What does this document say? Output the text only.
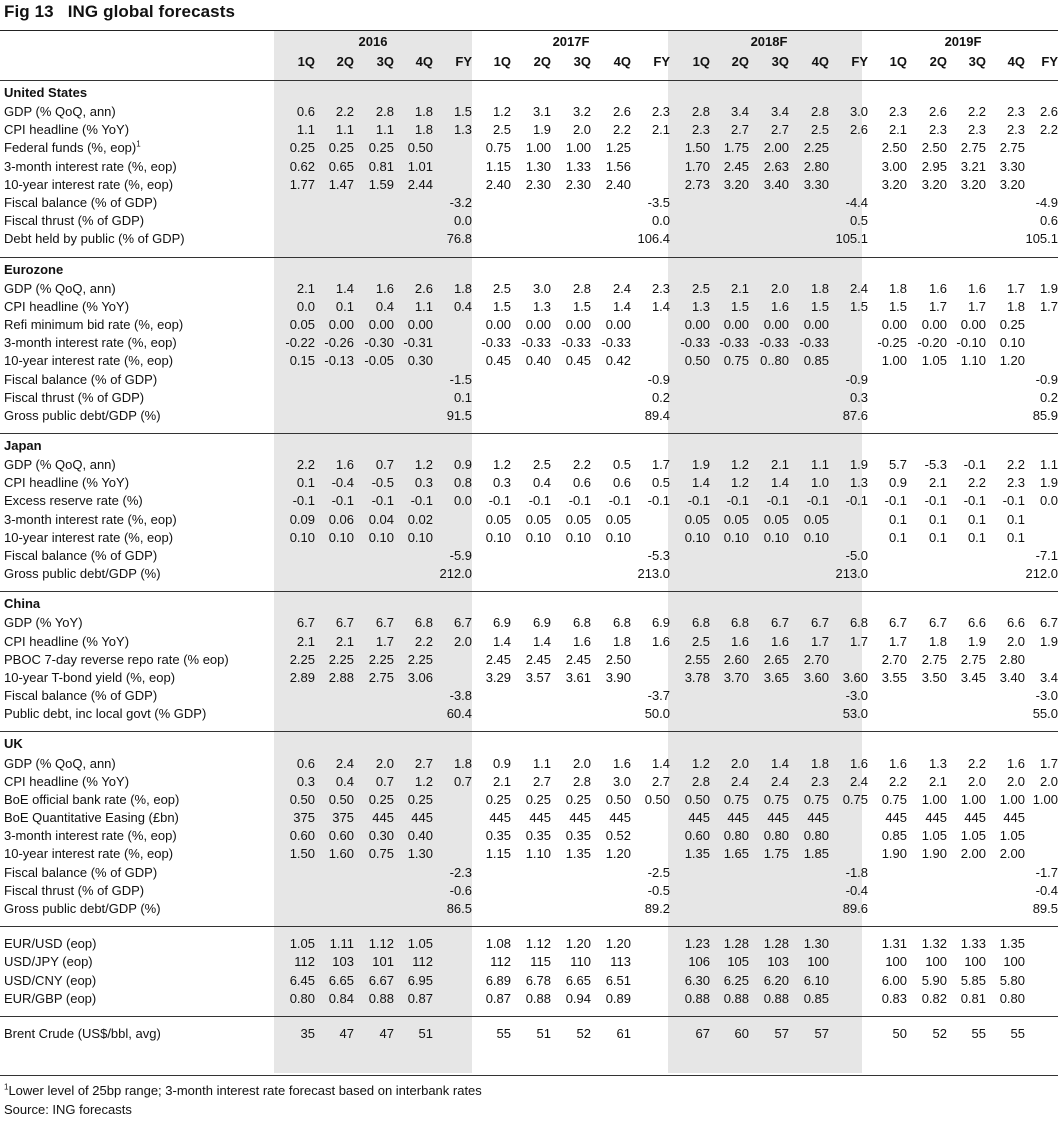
Fig 13 ING global forecasts
	2016					2017F					2018F					2019F				
	1Q	2Q	3Q	4Q	FY	1Q	2Q	3Q	4Q	FY	1Q	2Q	3Q	4Q	FY	1Q	2Q	3Q	4Q	FY

United States																				
GDP (% QoQ, ann)	0.6	2.2	2.8	1.8	1.5	1.2	3.1	3.2	2.6	2.3	2.8	3.4	3.4	2.8	3.0	2.3	2.6	2.2	2.3	2.6
CPI headline (% YoY)	1.1	1.1	1.1	1.8	1.3	2.5	1.9	2.0	2.2	2.1	2.3	2.7	2.7	2.5	2.6	2.1	2.3	2.3	2.3	2.2
Federal funds (%, eop)$^1$	0.25	0.25	0.25	0.50		0.75	1.00	1.00	1.25		1.50	1.75	2.00	2.25		2.50	2.50	2.75	2.75	
3-month interest rate (%, eop)	0.62	0.65	0.81	1.01		1.15	1.30	1.33	1.56		1.70	2.45	2.63	2.80		3.00	2.95	3.21	3.30	
10-year interest rate (%, eop)	1.77	1.47	1.59	2.44		2.40	2.30	2.30	2.40		2.73	3.20	3.40	3.30		3.20	3.20	3.20	3.20	
Fiscal balance (% of GDP)					-3.2					-3.5					-4.4					-4.9
Fiscal thrust (% of GDP)					0.0					0.0					0.5					0.6
Debt held by public (% of GDP)					76.8					106.4					105.1					105.1

Eurozone																				
GDP (% QoQ, ann)	2.1	1.4	1.6	2.6	1.8	2.5	3.0	2.8	2.4	2.3	2.5	2.1	2.0	1.8	2.4	1.8	1.6	1.6	1.7	1.9
CPI headline (% YoY)	0.0	0.1	0.4	1.1	0.4	1.5	1.3	1.5	1.4	1.4	1.3	1.5	1.6	1.5	1.5	1.5	1.7	1.7	1.8	1.7
Refi minimum bid rate (%, eop)	0.05	0.00	0.00	0.00		0.00	0.00	0.00	0.00		0.00	0.00	0.00	0.00		0.00	0.00	0.00	0.25	
3-month interest rate (%, eop)	-0.22	-0.26	-0.30	-0.31		-0.33	-0.33	-0.33	-0.33		-0.33	-0.33	-0.33	-0.33		-0.25	-0.20	-0.10	0.10	
10-year interest rate (%, eop)	0.15	-0.13	-0.05	0.30		0.45	0.40	0.45	0.42		0.50	0.75	0..80	0.85		1.00	1.05	1.10	1.20	
Fiscal balance (% of GDP)					-1.5					-0.9					-0.9					-0.9
Fiscal thrust (% of GDP)					0.1					0.2					0.3					0.2
Gross public debt/GDP (%)					91.5					89.4					87.6					85.9

Japan																				
GDP (% QoQ, ann)	2.2	1.6	0.7	1.2	0.9	1.2	2.5	2.2	0.5	1.7	1.9	1.2	2.1	1.1	1.9	5.7	-5.3	-0.1	2.2	1.1
CPI headline (% YoY)	0.1	-0.4	-0.5	0.3	0.8	0.3	0.4	0.6	0.6	0.5	1.4	1.2	1.4	1.0	1.3	0.9	2.1	2.2	2.3	1.9
Excess reserve rate (%)	-0.1	-0.1	-0.1	-0.1	0.0	-0.1	-0.1	-0.1	-0.1	-0.1	-0.1	-0.1	-0.1	-0.1	-0.1	-0.1	-0.1	-0.1	-0.1	0.0
3-month interest rate (%, eop)	0.09	0.06	0.04	0.02		0.05	0.05	0.05	0.05		0.05	0.05	0.05	0.05		0.1	0.1	0.1	0.1	
10-year interest rate (%, eop)	0.10	0.10	0.10	0.10		0.10	0.10	0.10	0.10		0.10	0.10	0.10	0.10		0.1	0.1	0.1	0.1	
Fiscal balance (% of GDP)					-5.9					-5.3					-5.0					-7.1
Gross public debt/GDP (%)					212.0					213.0					213.0					212.0

China																				
GDP (% YoY)	6.7	6.7	6.7	6.8	6.7	6.9	6.9	6.8	6.8	6.9	6.8	6.8	6.7	6.7	6.8	6.7	6.7	6.6	6.6	6.7
CPI headline (% YoY)	2.1	2.1	1.7	2.2	2.0	1.4	1.4	1.6	1.8	1.6	2.5	1.6	1.6	1.7	1.7	1.7	1.8	1.9	2.0	1.9
PBOC 7-day reverse repo rate (% eop)	2.25	2.25	2.25	2.25		2.45	2.45	2.45	2.50		2.55	2.60	2.65	2.70		2.70	2.75	2.75	2.80	
10-year T-bond yield (%, eop)	2.89	2.88	2.75	3.06		3.29	3.57	3.61	3.90		3.78	3.70	3.65	3.60	3.60	3.55	3.50	3.45	3.40	3.4
Fiscal balance (% of GDP)					-3.8					-3.7					-3.0					-3.0
Public debt, inc local govt (% GDP)					60.4					50.0					53.0					55.0

UK																				
GDP (% QoQ, ann)	0.6	2.4	2.0	2.7	1.8	0.9	1.1	2.0	1.6	1.4	1.2	2.0	1.4	1.8	1.6	1.6	1.3	2.2	1.6	1.7
CPI headline (% YoY)	0.3	0.4	0.7	1.2	0.7	2.1	2.7	2.8	3.0	2.7	2.8	2.4	2.4	2.3	2.4	2.2	2.1	2.0	2.0	2.0
BoE official bank rate (%, eop)	0.50	0.50	0.25	0.25		0.25	0.25	0.25	0.50	0.50	0.50	0.75	0.75	0.75	0.75	0.75	1.00	1.00	1.00	1.00
BoE Quantitative Easing (£bn)	375	375	445	445		445	445	445	445		445	445	445	445		445	445	445	445	
3-month interest rate (%, eop)	0.60	0.60	0.30	0.40		0.35	0.35	0.35	0.52		0.60	0.80	0.80	0.80		0.85	1.05	1.05	1.05	
10-year interest rate (%, eop)	1.50	1.60	0.75	1.30		1.15	1.10	1.35	1.20		1.35	1.65	1.75	1.85		1.90	1.90	2.00	2.00	
Fiscal balance (% of GDP)					-2.3					-2.5					-1.8					-1.7
Fiscal thrust (% of GDP)					-0.6					-0.5					-0.4					-0.4
Gross public debt/GDP (%)					86.5					89.2					89.6					89.5

EUR/USD (eop)	1.05	1.11	1.12	1.05		1.08	1.12	1.20	1.20		1.23	1.28	1.28	1.30		1.31	1.32	1.33	1.35	
USD/JPY (eop)	112	103	101	112		112	115	110	113		106	105	103	100		100	100	100	100	
USD/CNY (eop)	6.45	6.65	6.67	6.95		6.89	6.78	6.65	6.51		6.30	6.25	6.20	6.10		6.00	5.90	5.85	5.80	
EUR/GBP (eop)	0.80	0.84	0.88	0.87		0.87	0.88	0.94	0.89		0.88	0.88	0.88	0.85		0.83	0.82	0.81	0.80	

Brent Crude (US$/bbl, avg)	35	47	47	51		55	51	52	61		67	60	57	57		50	52	55	55	

$^1$Lower level of 25bp range; 3-month interest rate forecast based on interbank rates
Source: ING forecasts
